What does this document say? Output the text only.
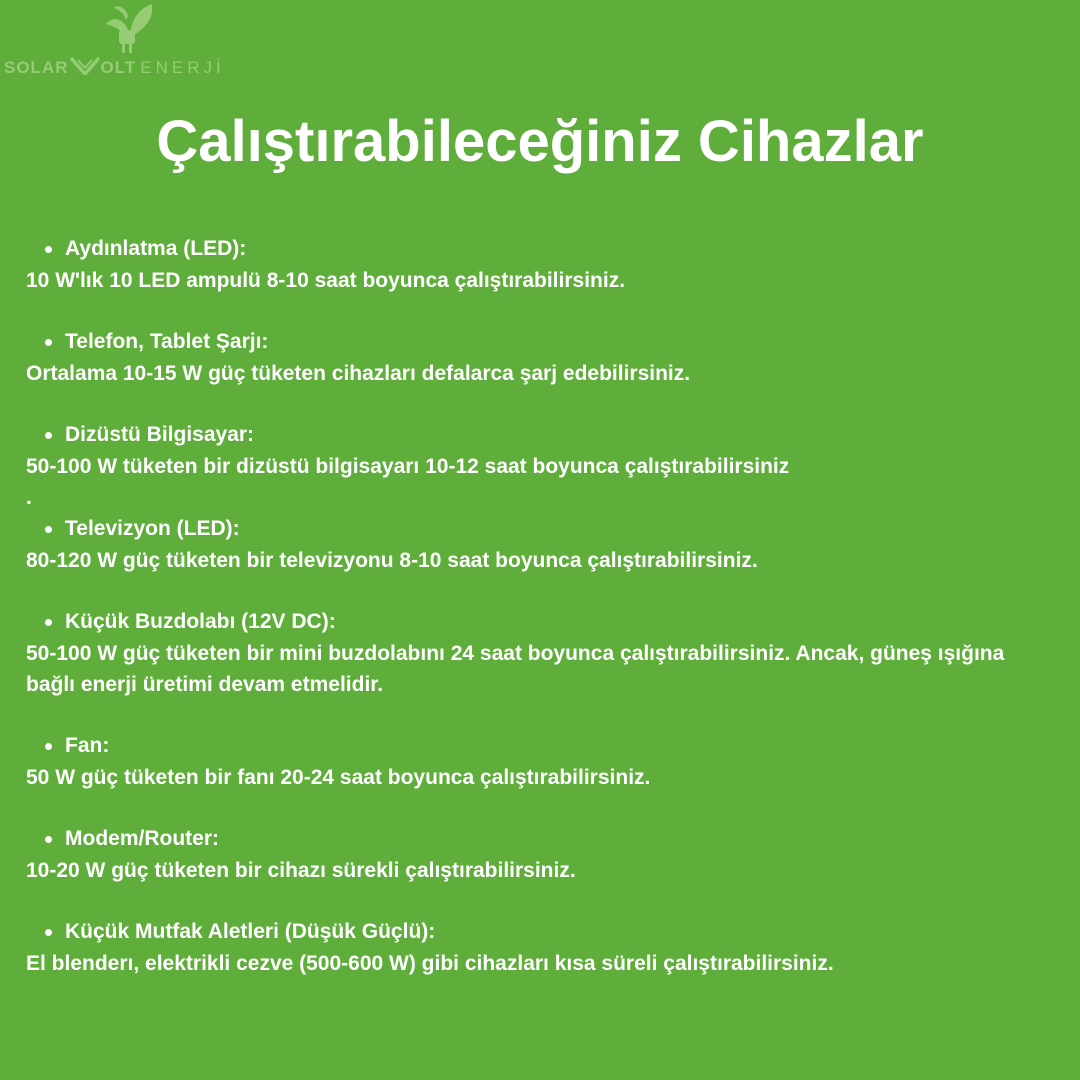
SOLAR OLT ENERJİ
Çalıştırabileceğiniz Cihazlar
Aydınlatma (LED):
10 W'lık 10 LED ampulü 8-10 saat boyunca çalıştırabilirsiniz.
Telefon, Tablet Şarjı:
Ortalama 10-15 W güç tüketen cihazları defalarca şarj edebilirsiniz.
Dizüstü Bilgisayar:
50-100 W tüketen bir dizüstü bilgisayarı 10-12 saat boyunca çalıştırabilirsiniz
.
Televizyon (LED):
80-120 W güç tüketen bir televizyonu 8-10 saat boyunca çalıştırabilirsiniz.
Küçük Buzdolabı (12V DC):
50-100 W güç tüketen bir mini buzdolabını 24 saat boyunca çalıştırabilirsiniz. Ancak, güneş ışığına bağlı enerji üretimi devam etmelidir.
Fan:
50 W güç tüketen bir fanı 20-24 saat boyunca çalıştırabilirsiniz.
Modem/Router:
10-20 W güç tüketen bir cihazı sürekli çalıştırabilirsiniz.
Küçük Mutfak Aletleri (Düşük Güçlü):
El blenderı, elektrikli cezve (500-600 W) gibi cihazları kısa süreli çalıştırabilirsiniz.
